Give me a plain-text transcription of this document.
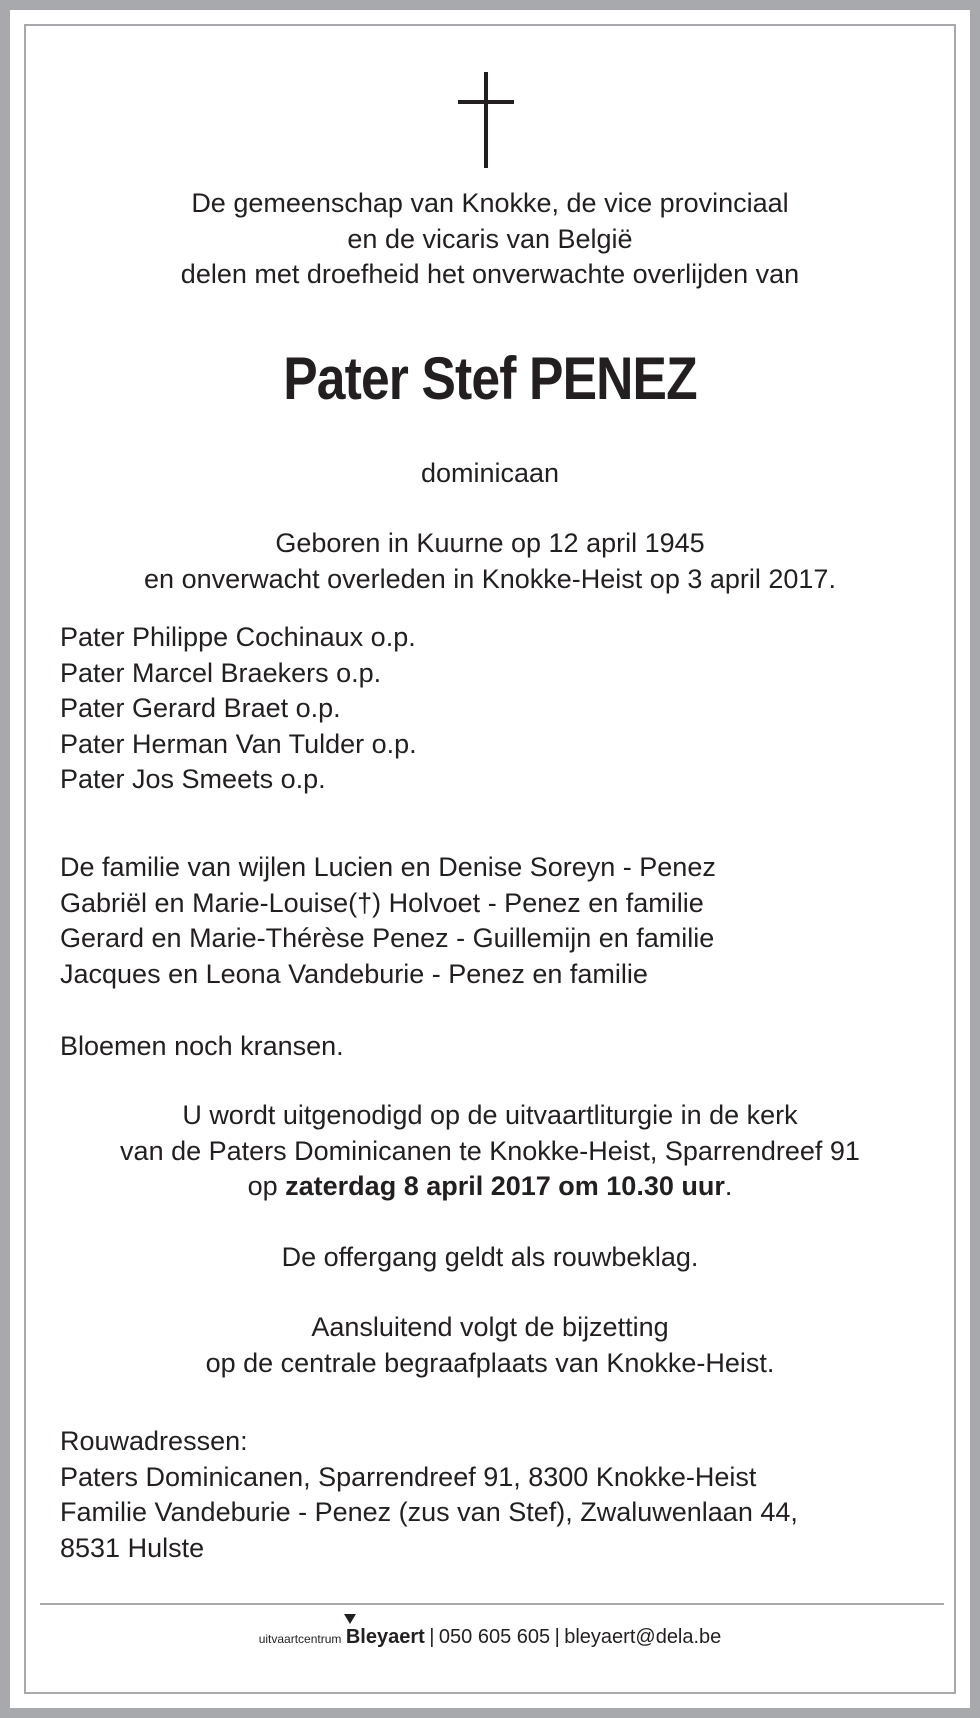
De gemeenschap van Knokke, de vice provinciaal

en de vicaris van België

delen met droefheid het onverwachte overlijden van

Pater Stef PENEZ

dominicaan

Geboren in Kuurne op 12 april 1945

en onverwacht overleden in Knokke-Heist op 3 april 2017.

Pater Philippe Cochinaux o.p.

Pater Marcel Braekers o.p.

Pater Gerard Braet o.p.

Pater Herman Van Tulder o.p.

Pater Jos Smeets o.p.

De familie van wijlen Lucien en Denise Soreyn - Penez

Gabriël en Marie-Louise(†) Holvoet - Penez en familie

Gerard en Marie-Thérèse Penez - Guillemijn en familie

Jacques en Leona Vandeburie - Penez en familie

Bloemen noch kransen.

U wordt uitgenodigd op de uitvaartliturgie in de kerk

van de Paters Dominicanen te Knokke-Heist, Sparrendreef 91

op zaterdag 8 april 2017 om 10.30 uur.

De offergang geldt als rouwbeklag.

Aansluitend volgt de bijzetting

op de centrale begraafplaats van Knokke-Heist.

Rouwadressen:

Paters Dominicanen, Sparrendreef 91, 8300 Knokke-Heist

Familie Vandeburie - Penez (zus van Stef), Zwaluwenlaan 44,

8531 Hulste

uitvaartcentrum Bleyaert | 050 605 605 | bleyaert@dela.be
